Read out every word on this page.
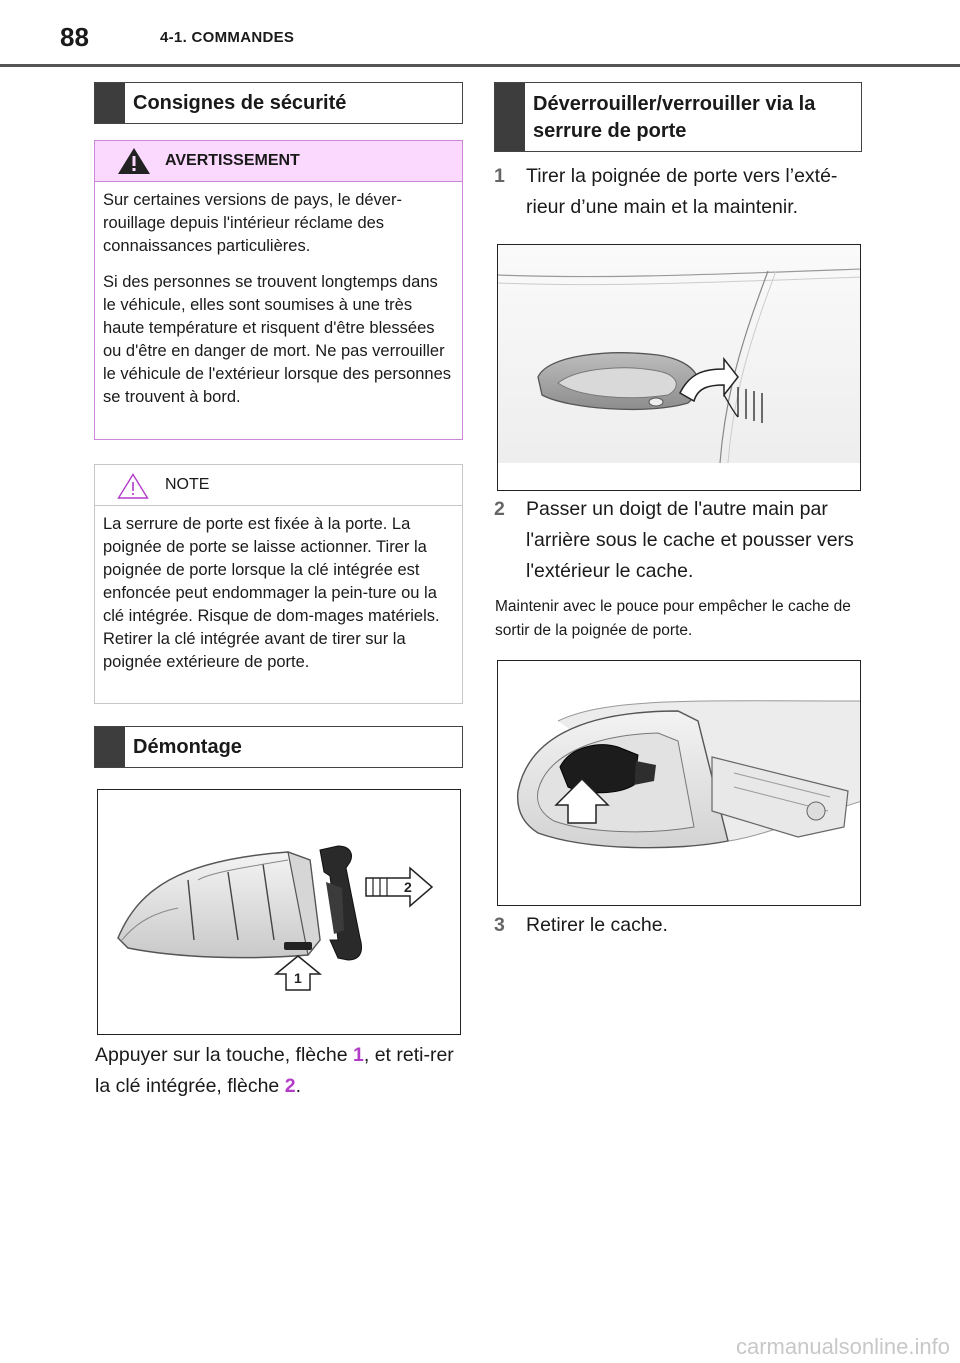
88	4-1. COMMANDES
Consignes de sécurité
AVERTISSEMENT
Sur certaines versions de pays, le déver-rouillage depuis l'intérieur réclame des connaissances particulières.
Si des personnes se trouvent longtemps dans le véhicule, elles sont soumises à une très haute température et risquent d'être blessées ou d'être en danger de mort. Ne pas verrouiller le véhicule de l'extérieur lorsque des personnes se trouvent à bord.
NOTE
La serrure de porte est fixée à la porte. La poignée de porte se laisse actionner. Tirer la poignée de porte lorsque la clé intégrée est enfoncée peut endommager la pein-ture ou la clé intégrée. Risque de dom-mages matériels. Retirer la clé intégrée avant de tirer sur la poignée extérieure de porte.
Démontage
2
1
Appuyer sur la touche, flèche 1, et reti-rer la clé intégrée, flèche 2.
Déverrouiller/verrouiller via la serrure de porte
1 Tirer la poignée de porte vers l’exté-rieur d’une main et la maintenir.
2 Passer un doigt de l'autre main par l'arrière sous le cache et pousser vers l'extérieur le cache.
Maintenir avec le pouce pour empêcher le cache de sortir de la poignée de porte.
3 Retirer le cache.
carmanualsonline.info
